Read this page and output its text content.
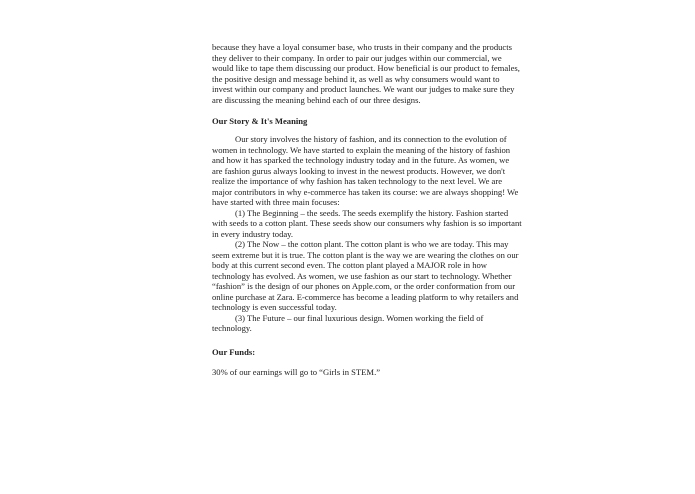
because they have a loyal consumer base, who trusts in their company and the products
they deliver to their company. In order to pair our judges within our commercial, we
would like to tape them discussing our product. How beneficial is our product to females,
the positive design and message behind it, as well as why consumers would want to
invest within our company and product launches. We want our judges to make sure they
are discussing the meaning behind each of our three designs.
Our Story & It's Meaning
Our story involves the history of fashion, and its connection to the evolution of
women in technology. We have started to explain the meaning of the history of fashion
and how it has sparked the technology industry today and in the future. As women, we
are fashion gurus always looking to invest in the newest products. However, we don't
realize the importance of why fashion has taken technology to the next level. We are
major contributors in why e-commerce has taken its course: we are always shopping! We
have started with three main focuses:
(1) The Beginning – the seeds. The seeds exemplify the history. Fashion started
with seeds to a cotton plant. These seeds show our consumers why fashion is so important
in every industry today.
(2) The Now – the cotton plant. The cotton plant is who we are today. This may
seem extreme but it is true. The cotton plant is the way we are wearing the clothes on our
body at this current second even. The cotton plant played a MAJOR role in how
technology has evolved. As women, we use fashion as our start to technology. Whether
“fashion” is the design of our phones on Apple.com, or the order conformation from our
online purchase at Zara. E-commerce has become a leading platform to why retailers and
technology is even successful today.
(3) The Future – our final luxurious design. Women working the field of
technology.
Our Funds:
30% of our earnings will go to “Girls in STEM.”
